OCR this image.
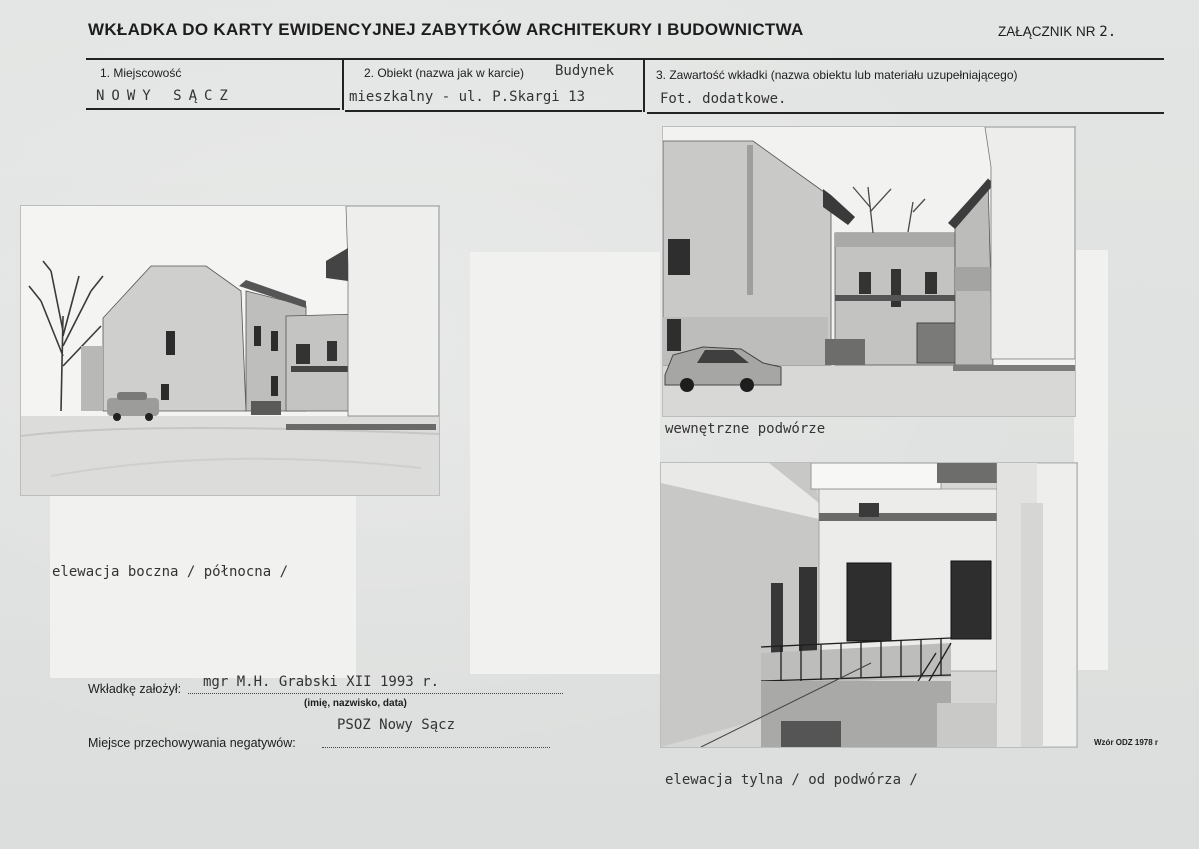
WKŁADKA DO KARTY EWIDENCYJNEJ ZABYTKÓW ARCHITEKURY I BUDOWNICTWA	ZAŁĄCZNIK NR 2.
1. Miejscowość
NOWY SĄCZ
2. Obiekt (nazwa jak w karcie) Budynek
mieszkalny - ul. P.Skargi 13
3. Zawartość wkładki (nazwa obiektu lub materiału uzupełniającego)
Fot. dodatkowe.
elewacja boczna / północna /
wewnętrzne podwórze
elewacja tylna / od podwórza /
Wkładkę założył: mgr M.H. Grabski XII 1993 r.
(imię, nazwisko, data)
Miejsce przechowywania negatywów:
PSOZ Nowy Sącz
Wzór ODZ 1978 r
